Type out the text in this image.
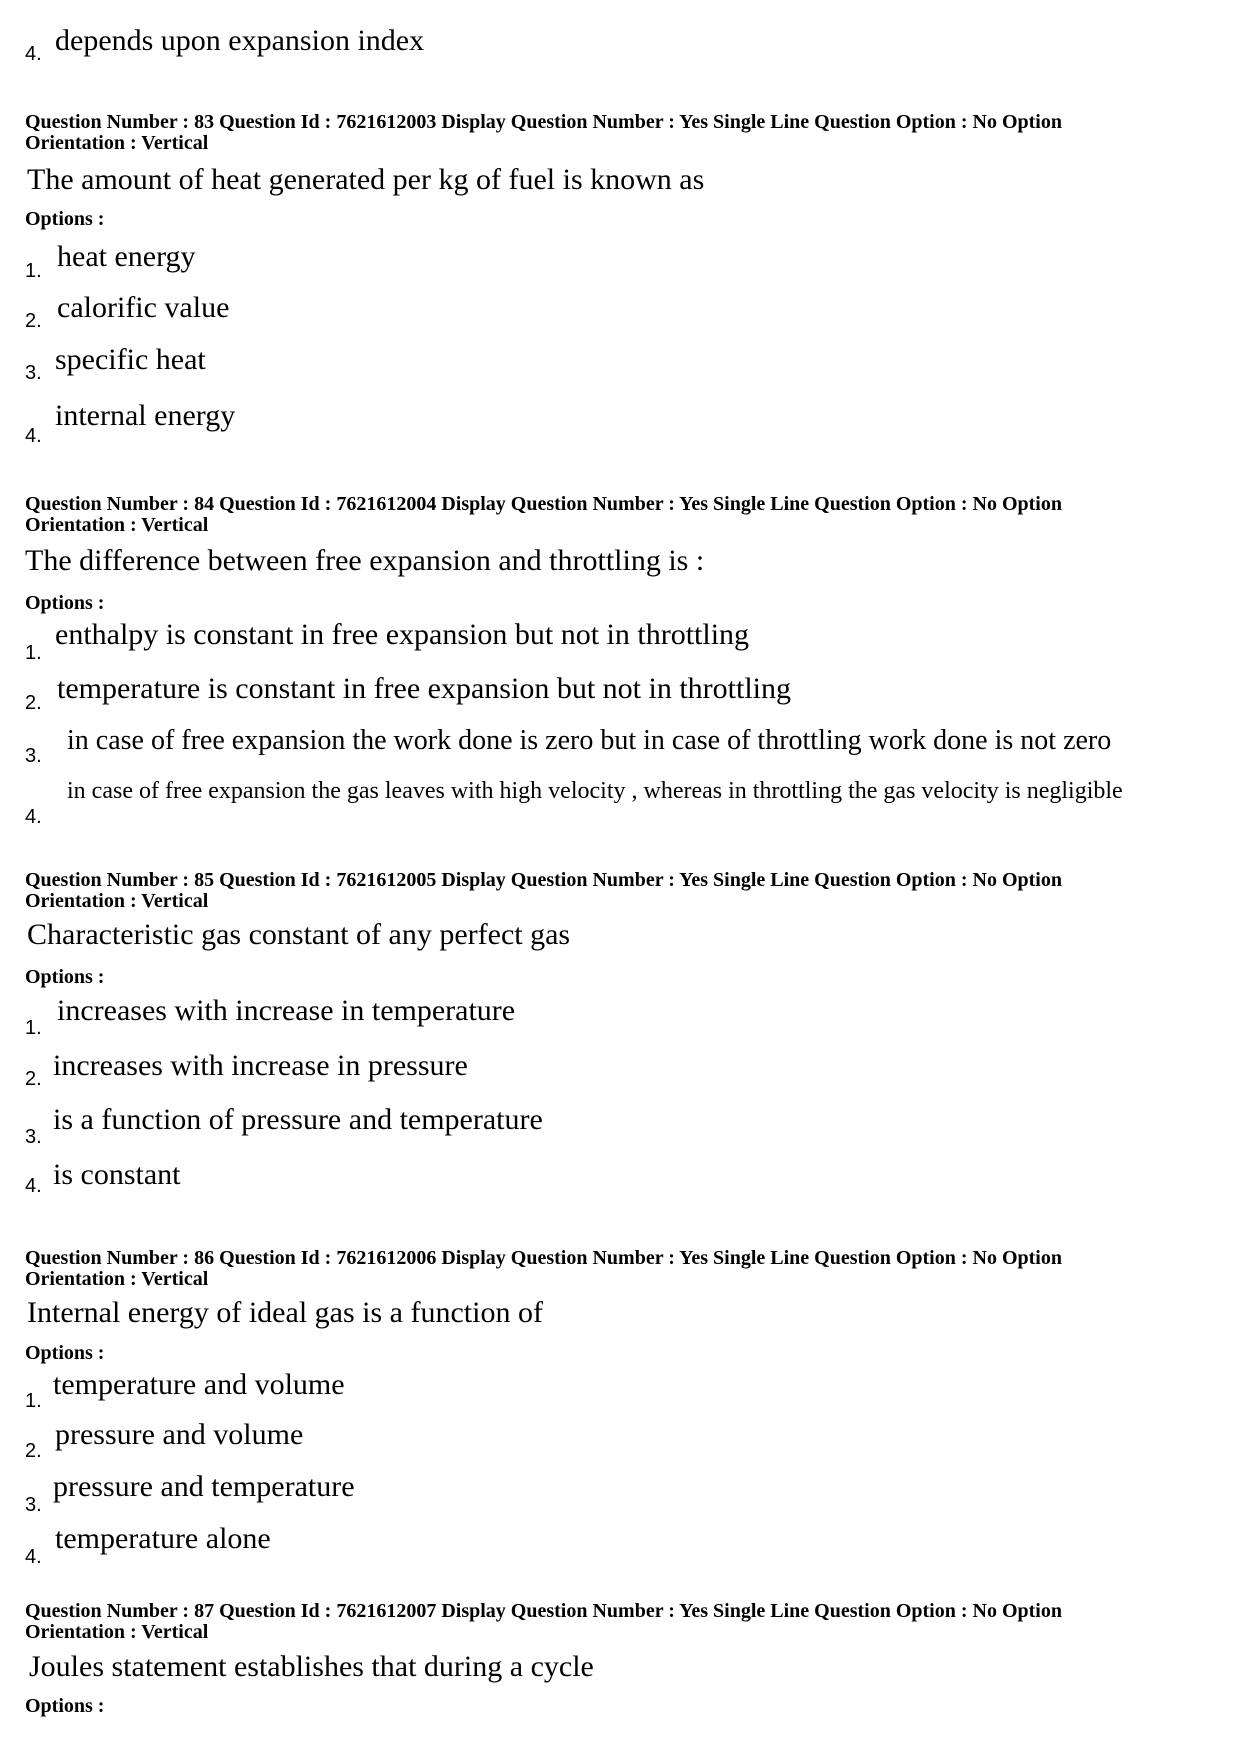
4. depends upon expansion index
Question Number : 83 Question Id : 7621612003 Display Question Number : Yes Single Line Question Option : No Option
Orientation : Vertical
The amount of heat generated per kg of fuel is known as
Options :
1. heat energy
2. calorific value
3. specific heat
4.
internal energy
Question Number : 84 Question Id : 7621612004 Display Question Number : Yes Single Line Question Option : No Option
Orientation : Vertical
The difference between free expansion and throttling is :
Options :
1.
enthalpy is constant in free expansion but not in throttling
2. temperature is constant in free expansion but not in throttling
3. in case of free expansion the work done is zero but in case of throttling work done is not zero
4.
in case of free expansion the gas leaves with high velocity , whereas in throttling the gas velocity is negligible
Question Number : 85 Question Id : 7621612005 Display Question Number : Yes Single Line Question Option : No Option
Orientation : Vertical
Characteristic gas constant of any perfect gas
Options :
1.
increases with increase in temperature
2. increases with increase in pressure
3.
is a function of pressure and temperature
4. is constant
Question Number : 86 Question Id : 7621612006 Display Question Number : Yes Single Line Question Option : No Option
Orientation : Vertical
Internal energy of ideal gas is a function of
Options :
1. temperature and volume
2. pressure and volume
3.
pressure and temperature
4.
temperature alone
Question Number : 87 Question Id : 7621612007 Display Question Number : Yes Single Line Question Option : No Option
Orientation : Vertical
Joules statement establishes that during a cycle
Options :
